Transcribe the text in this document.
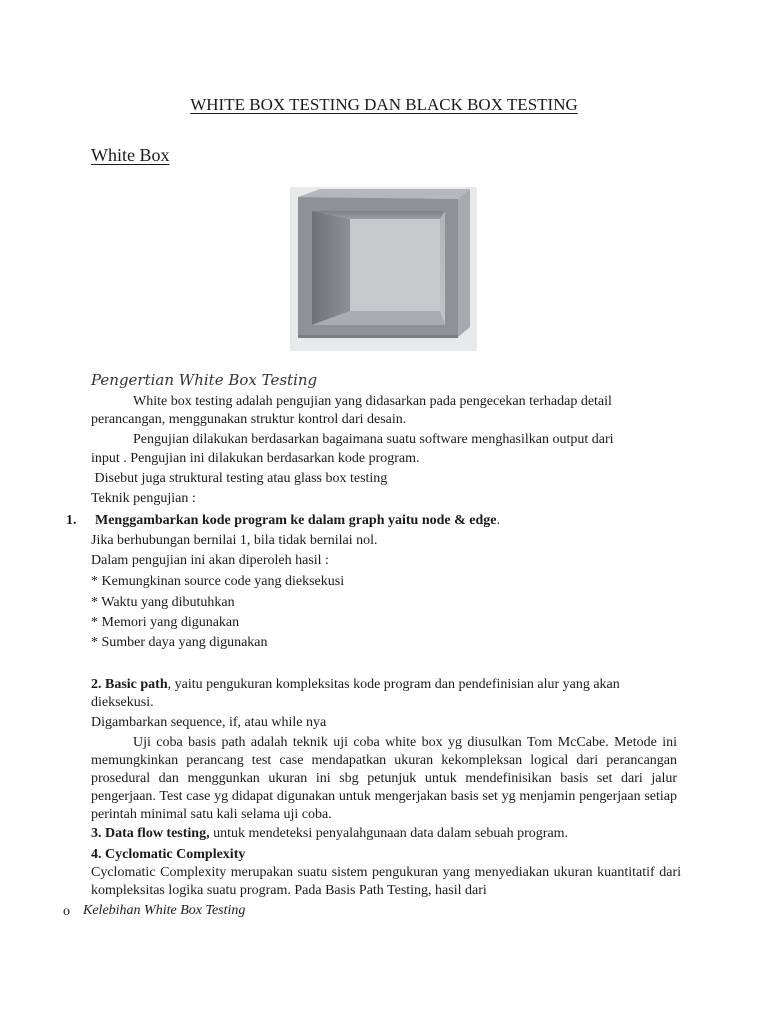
WHITE BOX TESTING DAN BLACK BOX TESTING
White Box
Pengertian White Box Testing
White box testing adalah pengujian yang didasarkan pada pengecekan terhadap detail
perancangan, menggunakan struktur kontrol dari desain.
Pengujian dilakukan berdasarkan bagaimana suatu software menghasilkan output dari
input . Pengujian ini dilakukan berdasarkan kode program.
Disebut juga struktural testing atau glass box testing
Teknik pengujian :
1. Menggambarkan kode program ke dalam graph yaitu node & edge.
Jika berhubungan bernilai 1, bila tidak bernilai nol.
Dalam pengujian ini akan diperoleh hasil :
* Kemungkinan source code yang dieksekusi
* Waktu yang dibutuhkan
* Memori yang digunakan
* Sumber daya yang digunakan
2. Basic path, yaitu pengukuran kompleksitas kode program dan pendefinisian alur yang akan
dieksekusi.
Digambarkan sequence, if, atau while nya
Uji coba basis path adalah teknik uji coba white box yg diusulkan Tom McCabe. Metode ini memungkinkan perancang test case mendapatkan ukuran kekompleksan logical dari perancangan prosedural dan menggunkan ukuran ini sbg petunjuk untuk mendefinisikan basis set dari jalur pengerjaan. Test case yg didapat digunakan untuk mengerjakan basis set yg menjamin pengerjaan setiap perintah minimal satu kali selama uji coba.
3. Data flow testing, untuk mendeteksi penyalahgunaan data dalam sebuah program.
4. Cyclomatic Complexity
Cyclomatic Complexity merupakan suatu sistem pengukuran yang menyediakan ukuran kuantitatif dari kompleksitas logika suatu program. Pada Basis Path Testing, hasil dari
o Kelebihan White Box Testing
